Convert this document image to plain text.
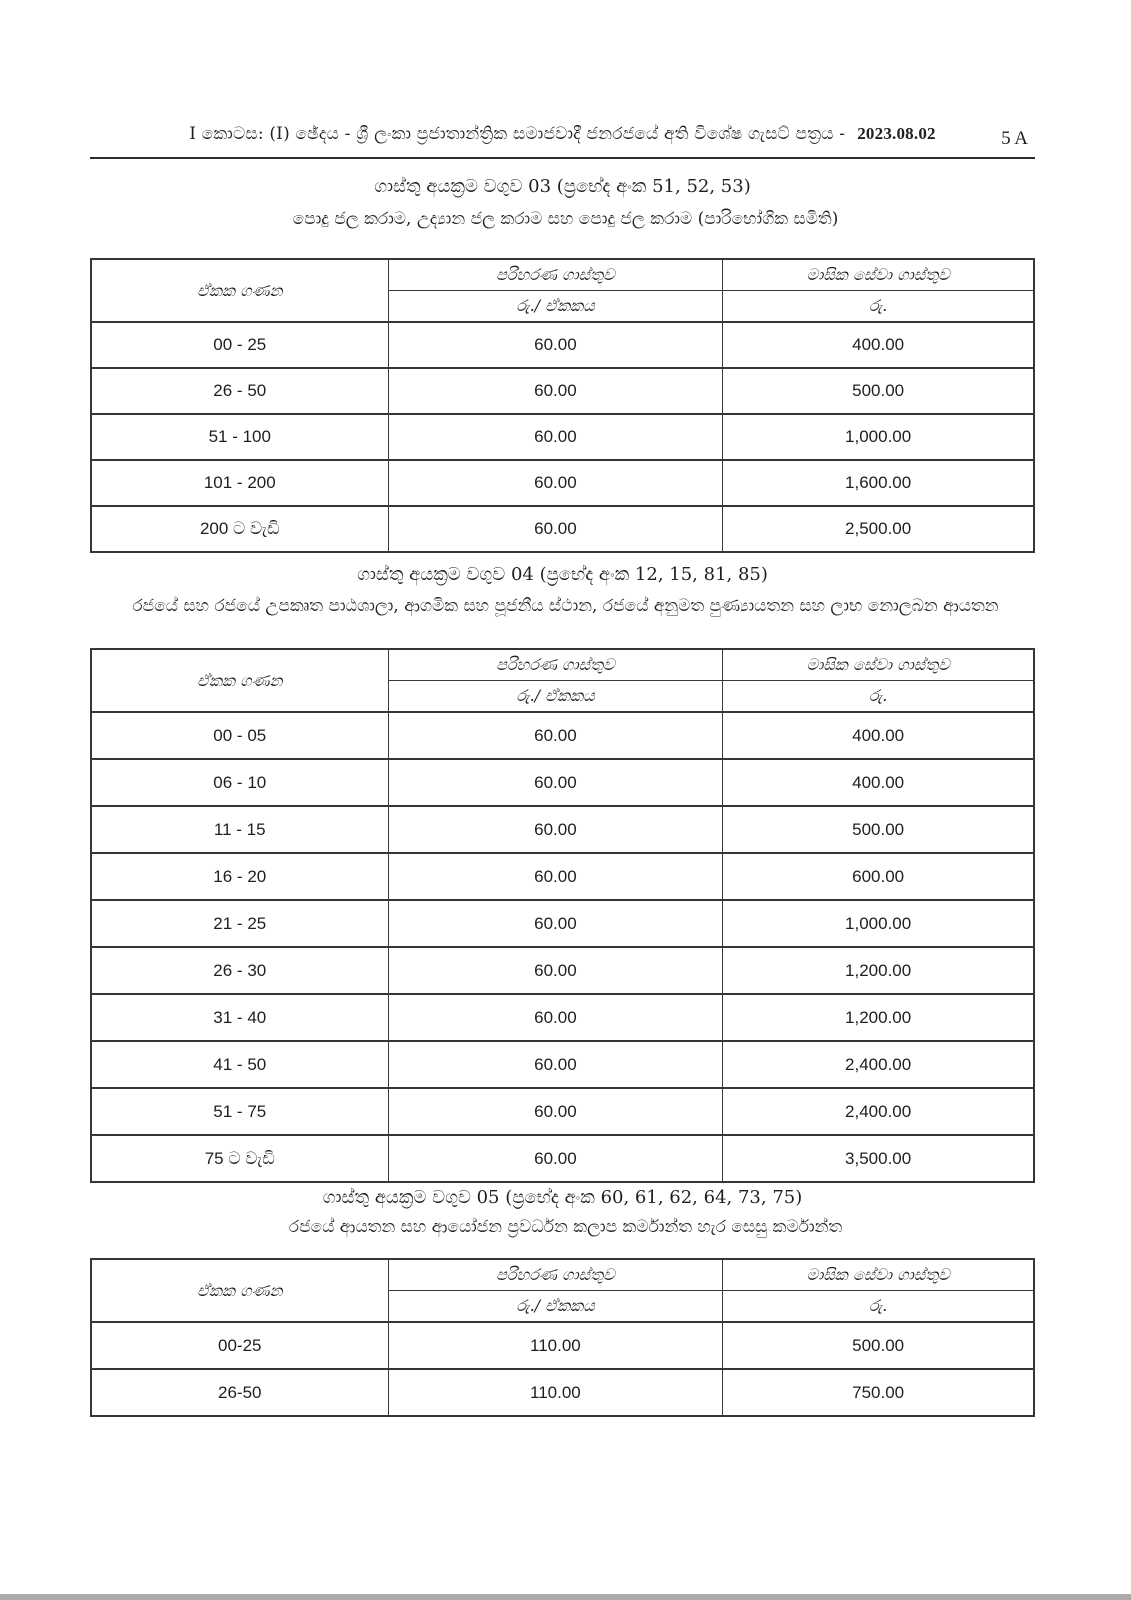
I කොටස: (I) ඡේදය - ශ්‍රී ලංකා ප්‍රජාතාන්ත්‍රික සමාජවාදී ජනරජයේ අති විශේෂ ගැසට් පත්‍රය - 2023.08.02	5 A
ගාස්තු අයක්‍රම වගුව 03 (ප්‍රභේද අංක 51, 52, 53)
පොදු ජල කරාම, උද්‍යාන ජල කරාම සහ පොදු ජල කරාම (පාරිභෝගික සමිති)
ඒකක ගණන	පරිහරණ ගාස්තුව	මාසික සේවා ගාස්තුව
	රු./ ඒකකය	රු.
00 - 25	60.00	400.00
26 - 50	60.00	500.00
51 - 100	60.00	1,000.00
101 - 200	60.00	1,600.00
200 ට වැඩි	60.00	2,500.00
ගාස්තු අයක්‍රම වගුව 04 (ප්‍රභේද අංක 12, 15, 81, 85)
රජයේ සහ රජයේ උපකෘත පාඨශාලා, ආගමික සහ පූජනීය ස්ථාන, රජයේ අනුමත පුණ්‍යායතන සහ ලාභ නොලබන ආයතන
ඒකක ගණන	පරිහරණ ගාස්තුව	මාසික සේවා ගාස්තුව
	රු./ ඒකකය	රු.
00 - 05	60.00	400.00
06 - 10	60.00	400.00
11 - 15	60.00	500.00
16 - 20	60.00	600.00
21 - 25	60.00	1,000.00
26 - 30	60.00	1,200.00
31 - 40	60.00	1,200.00
41 - 50	60.00	2,400.00
51 - 75	60.00	2,400.00
75 ට වැඩි	60.00	3,500.00
ගාස්තු අයක්‍රම වගුව 05 (ප්‍රභේද අංක 60, 61, 62, 64, 73, 75)
රජයේ ආයතන සහ ආයෝජන ප්‍රවර්ධන කලාප කර්මාන්ත හැර සෙසු කර්මාන්ත
ඒකක ගණන	පරිහරණ ගාස්තුව	මාසික සේවා ගාස්තුව
	රු./ ඒකකය	රු.
00-25	110.00	500.00
26-50	110.00	750.00
